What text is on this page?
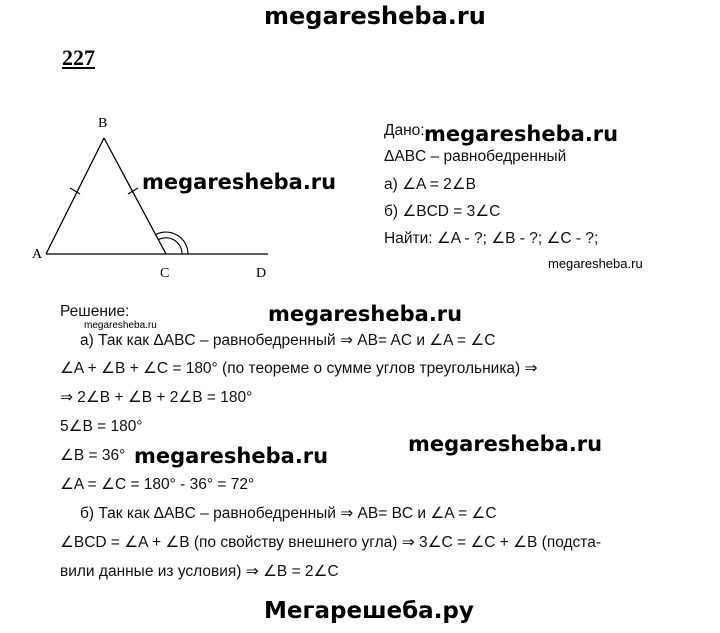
megaresheba.ru
227
B
A
C	D
Дано:
ΔABC – равнобедренный
а) ∠A = 2∠B
б) ∠BCD = 3∠C
Найти: ∠A - ?; ∠B - ?; ∠C - ?;
Решение:
а) Так как ΔABC – равнобедренный ⇒ AB= AC и ∠A = ∠C
∠A + ∠B + ∠C = 180° (по теореме о сумме углов треугольника) ⇒
⇒ 2∠B + ∠B + 2∠B = 180°
5∠B = 180°
∠B = 36°
∠A = ∠C = 180° - 36° = 72°
б) Так как ΔABC – равнобедренный ⇒ AB= BC и ∠A = ∠C
∠BCD = ∠A + ∠B (по свойству внешнего угла) ⇒ 3∠C = ∠C + ∠B (подста-
вили данные из условия) ⇒ ∠B = 2∠C
megaresheba.ru
megaresheba.ru
megaresheba.ru
megaresheba.ru
megaresheba.ru
megaresheba.ru
megaresheba.ru
Мегарешеба.ру
